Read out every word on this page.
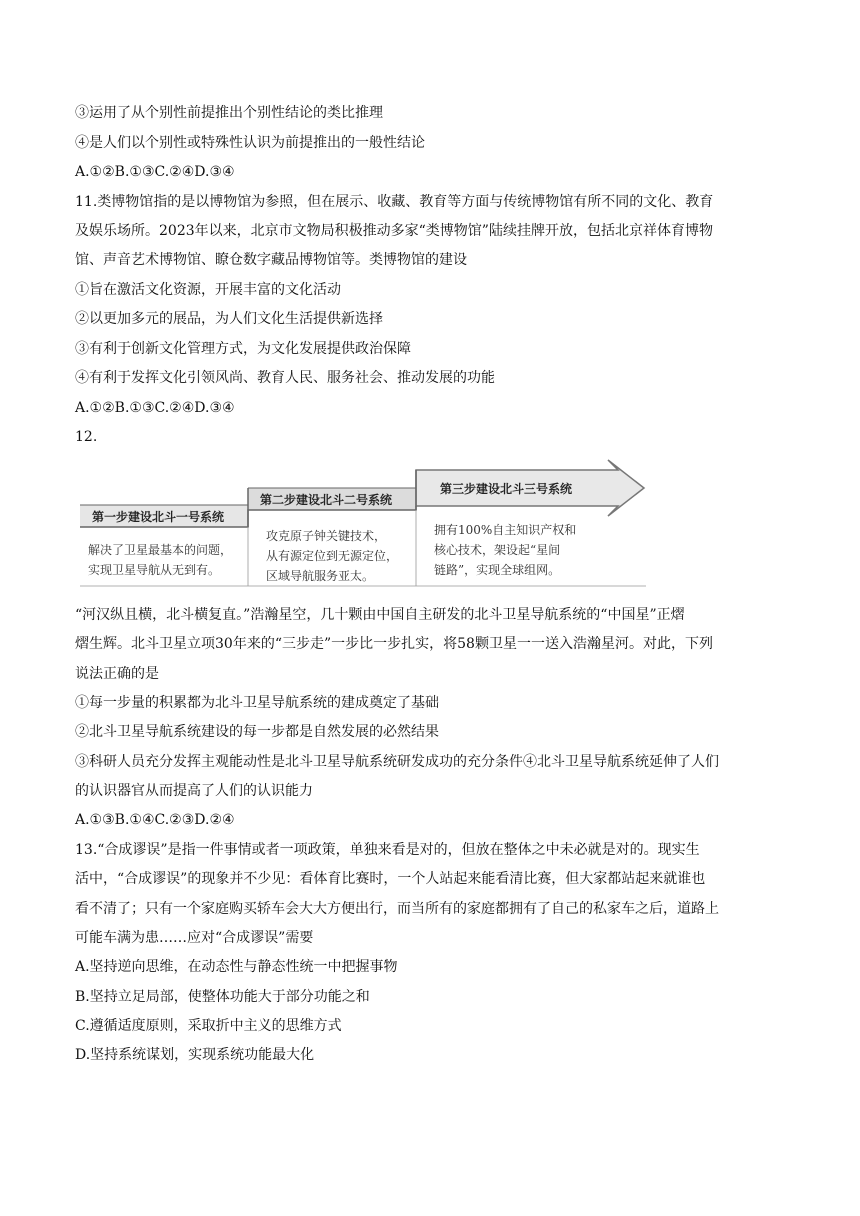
③运用了从个别性前提推出个别性结论的类比推理
④是人们以个别性或特殊性认识为前提推出的一般性结论
A.①②B.①③C.②④D.③④
11.类博物馆指的是以博物馆为参照，但在展示、收藏、教育等方面与传统博物馆有所不同的文化、教育
及娱乐场所。2023年以来，北京市文物局积极推动多家“类博物馆”陆续挂牌开放，包括北京祥体育博物
馆、声音艺术博物馆、瞭仓数字藏品博物馆等。类博物馆的建设
①旨在激活文化资源，开展丰富的文化活动
②以更加多元的展品，为人们文化生活提供新选择
③有利于创新文化管理方式，为文化发展提供政治保障
④有利于发挥文化引领风尚、教育人民、服务社会、推动发展的功能
A.①②B.①③C.②④D.③④
12.
第一步建设北斗一号系统
第二步建设北斗二号系统
第三步建设北斗三号系统
解决了卫星最基本的问题，
实现卫星导航从无到有。
攻克原子钟关键技术，
从有源定位到无源定位，
区域导航服务亚太。
拥有100%自主知识产权和
核心技术，架设起“星间
链路”，实现全球组网。
“河汉纵且横，北斗横复直。”浩瀚星空，几十颗由中国自主研发的北斗卫星导航系统的“中国星”正熠
熠生辉。北斗卫星立项30年来的“三步走”一步比一步扎实，将58颗卫星一一送入浩瀚星河。对此，下列
说法正确的是
①每一步量的积累都为北斗卫星导航系统的建成奠定了基础
②北斗卫星导航系统建设的每一步都是自然发展的必然结果
③科研人员充分发挥主观能动性是北斗卫星导航系统研发成功的充分条件④北斗卫星导航系统延伸了人们
的认识器官从而提高了人们的认识能力
A.①③B.①④C.②③D.②④
13.“合成谬误”是指一件事情或者一项政策，单独来看是对的，但放在整体之中未必就是对的。现实生
活中，“合成谬误”的现象并不少见：看体育比赛时，一个人站起来能看清比赛，但大家都站起来就谁也
看不清了；只有一个家庭购买轿车会大大方便出行，而当所有的家庭都拥有了自己的私家车之后，道路上
可能车满为患……应对“合成谬误”需要
A.坚持逆向思维，在动态性与静态性统一中把握事物
B.坚持立足局部，使整体功能大于部分功能之和
C.遵循适度原则，采取折中主义的思维方式
D.坚持系统谋划，实现系统功能最大化
